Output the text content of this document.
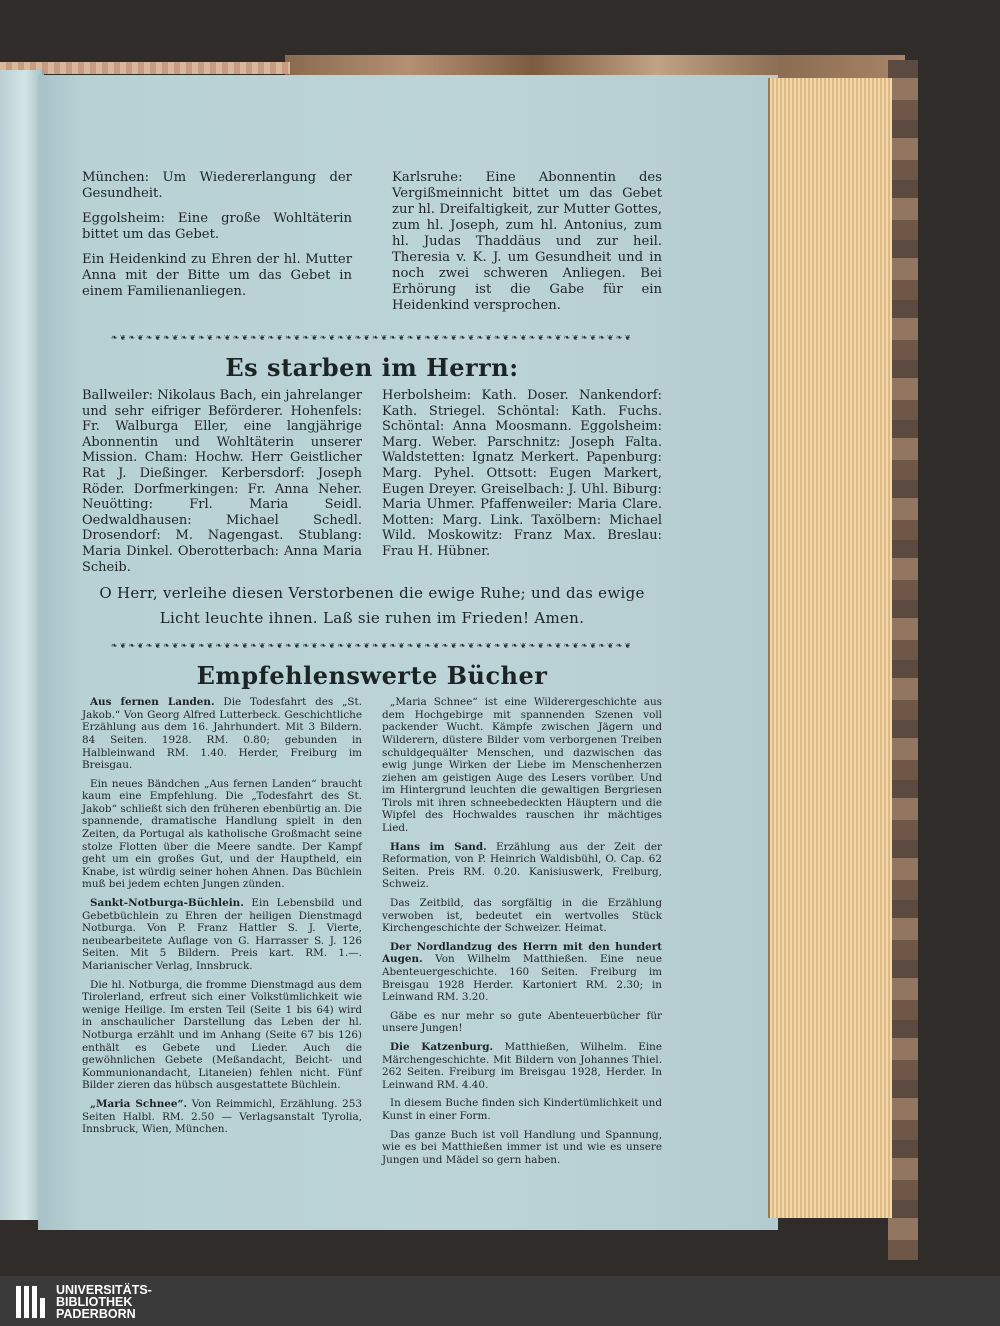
München: Um Wiedererlangung der Gesundheit.

Eggolsheim: Eine große Wohltäterin bittet um das Gebet.

Ein Heidenkind zu Ehren der hl. Mutter Anna mit der Bitte um das Gebet in einem Familienanliegen.

Karlsruhe: Eine Abonnentin des Vergißmeinnicht bittet um das Gebet zur hl. Dreifaltigkeit, zur Mutter Gottes, zum hl. Joseph, zum hl. Antonius, zum hl. Judas Thaddäus und zur heil. Theresia v. K. J. um Gesundheit und in noch zwei schweren Anliegen. Bei Erhörung ist die Gabe für ein Heidenkind versprochen.

❧❦❧❦❧❦❧❦❧❦❧❦❧❦❧❦❧❦❧❦❧❦❧❦❧❦❧❦❧❦❧❦❧❦❧❦❧❦❧❦❧❦❧❦❧❦❧❦❧❦❧❦❧❦❧❦❧❦❧❦
Es starben im Herrn:
Ballweiler: Nikolaus Bach, ein jahrelanger und sehr eifriger Beförderer. Hohenfels: Fr. Walburga Eller, eine langjährige Abonnentin und Wohltäterin unserer Mission. Cham: Hochw. Herr Geistlicher Rat J. Dießinger. Kerbersdorf: Joseph Röder. Dorfmerkingen: Fr. Anna Neher. Neuötting: Frl. Maria Seidl. Oedwaldhausen: Michael Schedl. Drosendorf: M. Nagengast. Stublang: Maria Dinkel. Oberotterbach: Anna Maria Scheib.
Herbolsheim: Kath. Doser. Nankendorf: Kath. Striegel. Schöntal: Kath. Fuchs. Schöntal: Anna Moosmann. Eggolsheim: Marg. Weber. Parschnitz: Joseph Falta. Waldstetten: Ignatz Merkert. Papenburg: Marg. Pyhel. Ottsott: Eugen Markert, Eugen Dreyer. Greiselbach: J. Uhl. Biburg: Maria Uhmer. Pfaffenweiler: Maria Clare. Motten: Marg. Link. Taxölbern: Michael Wild. Moskowitz: Franz Max. Breslau: Frau H. Hübner.
O Herr, verleihe diesen Verstorbenen die ewige Ruhe; und das ewige Licht leuchte ihnen. Laß sie ruhen im Frieden! Amen.
❧❦❧❦❧❦❧❦❧❦❧❦❧❦❧❦❧❦❧❦❧❦❧❦❧❦❧❦❧❦❧❦❧❦❧❦❧❦❧❦❧❦❧❦❧❦❧❦❧❦❧❦❧❦❧❦❧❦❧❦
Empfehlenswerte Bücher

Aus fernen Landen. Die Todesfahrt des „St. Jakob.“ Von Georg Alfred Lutterbeck. Geschichtliche Erzählung aus dem 16. Jahrhundert. Mit 3 Bildern. 84 Seiten. 1928. RM. 0.80; gebunden in Halbleinwand RM. 1.40. Herder, Freiburg im Breisgau.

Ein neues Bändchen „Aus fernen Landen“ braucht kaum eine Empfehlung. Die „Todesfahrt des St. Jakob“ schließt sich den früheren ebenbürtig an. Die spannende, dramatische Handlung spielt in den Zeiten, da Portugal als katholische Großmacht seine stolze Flotten über die Meere sandte. Der Kampf geht um ein großes Gut, und der Hauptheld, ein Knabe, ist würdig seiner hohen Ahnen. Das Büchlein muß bei jedem echten Jungen zünden.

Sankt-Notburga-Büchlein. Ein Lebensbild und Gebetbüchlein zu Ehren der heiligen Dienstmagd Notburga. Von P. Franz Hattler S. J. Vierte, neubearbeitete Auflage von G. Harrasser S. J. 126 Seiten. Mit 5 Bildern. Preis kart. RM. 1.—. Marianischer Verlag, Innsbruck.

Die hl. Notburga, die fromme Dienstmagd aus dem Tirolerland, erfreut sich einer Volkstümlichkeit wie wenige Heilige. Im ersten Teil (Seite 1 bis 64) wird in anschaulicher Darstellung das Leben der hl. Notburga erzählt und im Anhang (Seite 67 bis 126) enthält es Gebete und Lieder. Auch die gewöhnlichen Gebete (Meßandacht, Beicht- und Kommunionandacht, Litaneien) fehlen nicht. Fünf Bilder zieren das hübsch ausgestattete Büchlein.

„Maria Schnee“. Von Reimmichl, Erzählung. 253 Seiten Halbl. RM. 2.50 — Verlagsanstalt Tyrolia, Innsbruck, Wien, München.

„Maria Schnee“ ist eine Wilderergeschichte aus dem Hochgebirge mit spannenden Szenen voll packender Wucht. Kämpfe zwischen Jägern und Wilderern, düstere Bilder vom verborgenen Treiben schuldgequälter Menschen, und dazwischen das ewig junge Wirken der Liebe im Menschenherzen ziehen am geistigen Auge des Lesers vorüber. Und im Hintergrund leuchten die gewaltigen Bergriesen Tirols mit ihren schneebedeckten Häuptern und die Wipfel des Hochwaldes rauschen ihr mächtiges Lied.

Hans im Sand. Erzählung aus der Zeit der Reformation, von P. Heinrich Waldisbühl, O. Cap. 62 Seiten. Preis RM. 0.20. Kanisiuswerk, Freiburg, Schweiz.

Das Zeitbild, das sorgfältig in die Erzählung verwoben ist, bedeutet ein wertvolles Stück Kirchengeschichte der Schweizer. Heimat.

Der Nordlandzug des Herrn mit den hundert Augen. Von Wilhelm Matthießen. Eine neue Abenteuergeschichte. 160 Seiten. Freiburg im Breisgau 1928 Herder. Kartoniert RM. 2.30; in Leinwand RM. 3.20.

Gäbe es nur mehr so gute Abenteuerbücher für unsere Jungen!

Die Katzenburg. Matthießen, Wilhelm. Eine Märchengeschichte. Mit Bildern von Johannes Thiel. 262 Seiten. Freiburg im Breisgau 1928, Herder. In Leinwand RM. 4.40.

In diesem Buche finden sich Kindertümlichkeit und Kunst in einer Form.

Das ganze Buch ist voll Handlung und Spannung, wie es bei Matthießen immer ist und wie es unsere Jungen und Mädel so gern haben.

UNIVERSITÄTS-
BIBLIOTHEK
PADERBORN
